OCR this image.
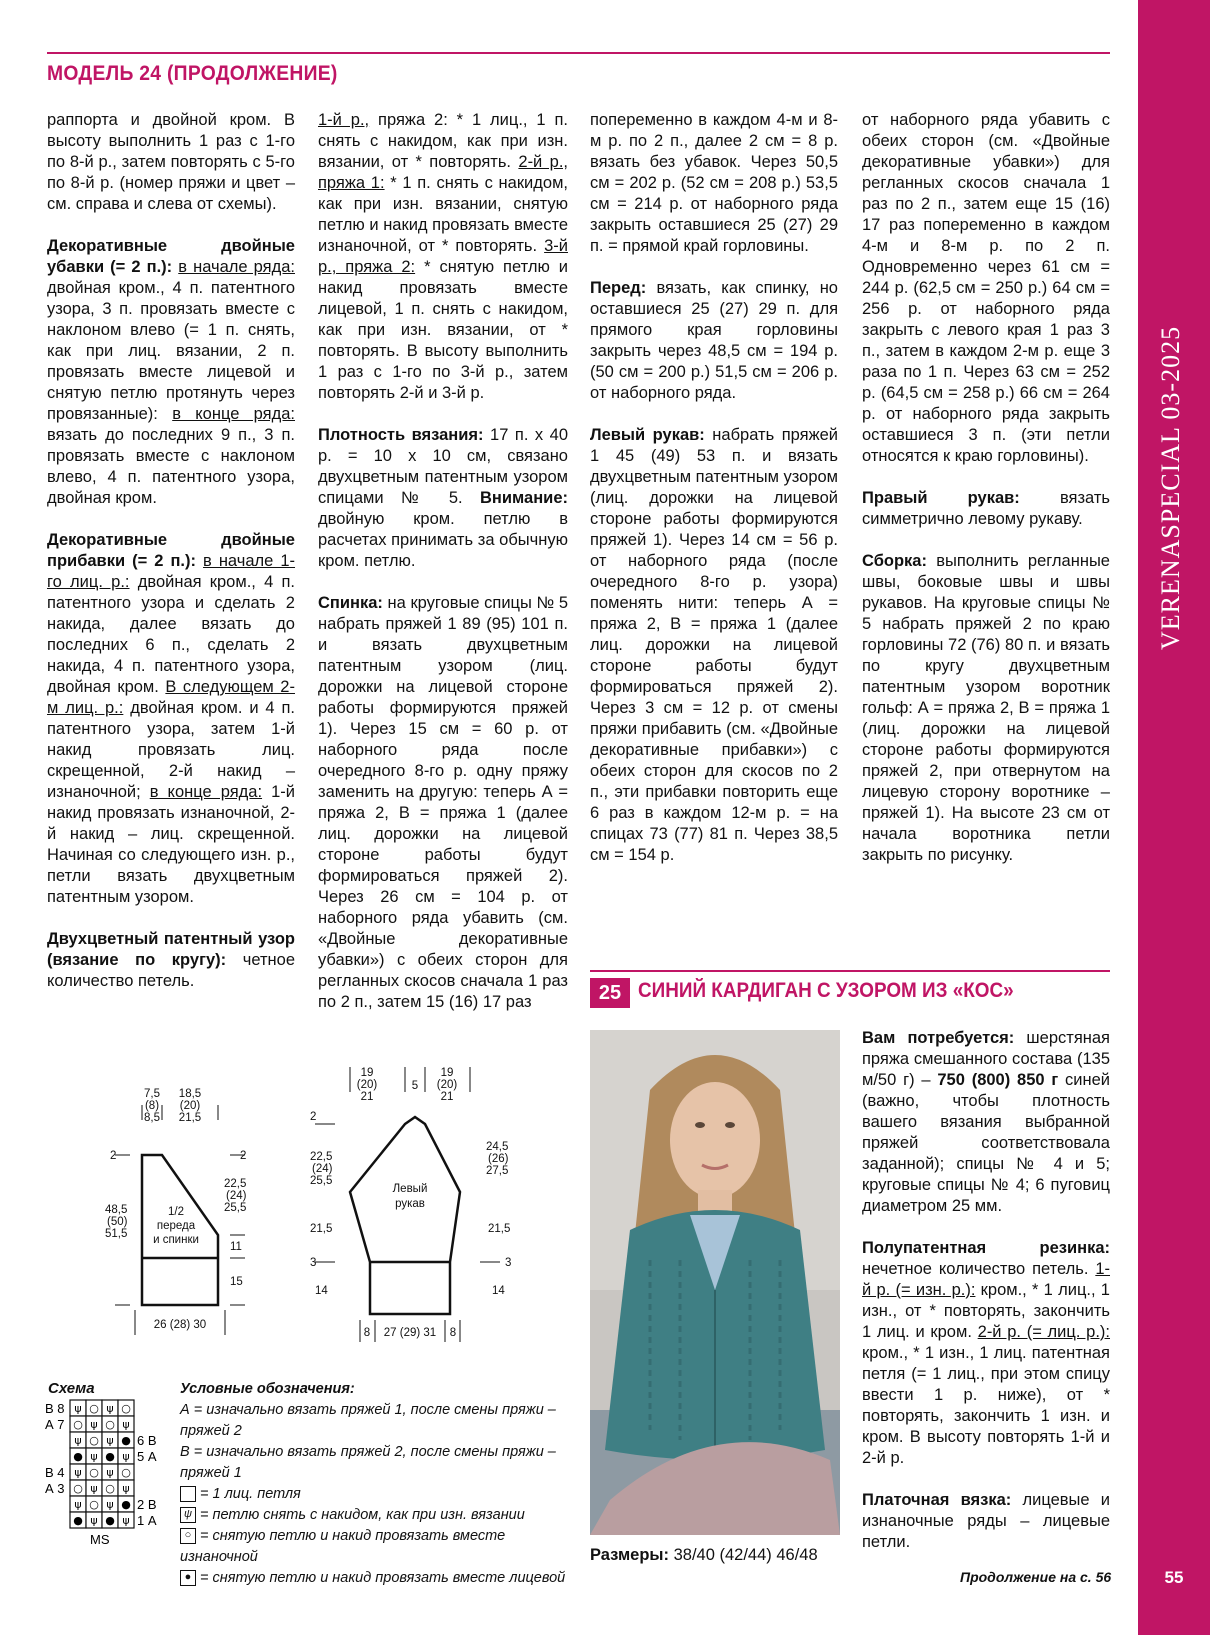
VERENASPECIAL 03-2025
55
МОДЕЛЬ 24 (ПРОДОЛЖЕНИЕ)

раппорта и двойной кром. В высоту выполнить 1 раз с 1-го по 8-й р., затем повторять с 5-го по 8-й р. (номер пряжи и цвет – см. справа и слева от схемы).

Декоративные двойные убавки (= 2 п.): в начале ряда: двойная кром., 4 п. патентного узора, 3 п. провязать вместе с наклоном влево (= 1 п. снять, как при лиц. вязании, 2 п. провязать вместе лицевой и снятую петлю протянуть через провязанные): в конце ряда: вязать до последних 9 п., 3 п. провязать вместе с наклоном влево, 4 п. патентного узора, двойная кром.

Декоративные двойные прибавки (= 2 п.): в начале 1-го лиц. р.: двойная кром., 4 п. патентного узора и сделать 2 накида, далее вязать до последних 6 п., сделать 2 накида, 4 п. патентного узора, двойная кром. В следующем 2-м лиц. р.: двойная кром. и 4 п. патентного узора, затем 1-й накид провязать лиц. скрещенной, 2-й накид – изнаночной; в конце ряда: 1-й накид провязать изнаночной, 2-й накид – лиц. скрещенной. Начиная со следующего изн. р., петли вязать двухцветным патентным узором.

Двухцветный патентный узор (вязание по кругу): четное количество петель.

1-й р., пряжа 2: * 1 лиц., 1 п. снять с накидом, как при изн. вязании, от * повторять. 2-й р., пряжа 1: * 1 п. снять с накидом, как при изн. вязании, снятую петлю и накид провязать вместе изнаночной, от * повторять. 3-й р., пряжа 2: * снятую петлю и накид провязать вместе лицевой, 1 п. снять с накидом, как при изн. вязании, от * повторять. В высоту выполнить 1 раз с 1-го по 3-й р., затем повторять 2-й и 3-й р.

Плотность вязания: 17 п. x 40 р. = 10 x 10 см, связано двухцветным патентным узором спицами № 5. Внимание: двойную кром. петлю в расчетах принимать за обычную кром. петлю.

Спинка: на круговые спицы № 5 набрать пряжей 1 89 (95) 101 п. и вязать двухцветным патентным узором (лиц. дорожки на лицевой стороне работы формируются пряжей 1). Через 15 см = 60 р. от наборного ряда после очередного 8-го р. одну пряжу заменить на другую: теперь А = пряжа 2, В = пряжа 1 (далее лиц. дорожки на лицевой стороне работы будут формироваться пряжей 2). Через 26 см = 104 р. от наборного ряда убавить (см. «Двойные декоративные убавки») с обеих сторон для регланных скосов сначала 1 раз по 2 п., затем 15 (16) 17 раз

попеременно в каждом 4-м и 8-м р. по 2 п., далее 2 см = 8 р. вязать без убавок. Через 50,5 см = 202 р. (52 см = 208 р.) 53,5 см = 214 р. от наборного ряда закрыть оставшиеся 25 (27) 29 п. = прямой край горловины.

Перед: вязать, как спинку, но оставшиеся 25 (27) 29 п. для прямого края горловины закрыть через 48,5 см = 194 р. (50 см = 200 р.) 51,5 см = 206 р. от наборного ряда.

Левый рукав: набрать пряжей 1 45 (49) 53 п. и вязать двухцветным патентным узором (лиц. дорожки на лицевой стороне работы формируются пряжей 1). Через 14 см = 56 р. от наборного ряда (после очередного 8-го р. узора) поменять нити: теперь А = пряжа 2, В = пряжа 1 (далее лиц. дорожки на лицевой стороне работы будут формироваться пряжей 2). Через 3 см = 12 р. от смены пряжи прибавить (см. «Двойные декоративные прибавки») с обеих сторон для скосов по 2 п., эти прибавки повторить еще 6 раз в каждом 12-м р. = на спицах 73 (77) 81 п. Через 38,5 см = 154 р.

от наборного ряда убавить с обеих сторон (см. «Двойные декоративные убавки») для регланных скосов сначала 1 раз по 2 п., затем еще 15 (16) 17 раз попеременно в каждом 4-м и 8-м р. по 2 п. Одновременно через 61 см = 244 р. (62,5 см = 250 р.) 64 см = 256 р. от наборного ряда закрыть с левого края 1 раз 3 п., затем в каждом 2-м р. еще 3 раза по 1 п. Через 63 см = 252 р. (64,5 см = 258 р.) 66 см = 264 р. от наборного ряда закрыть оставшиеся 3 п. (эти петли относятся к краю горловины).

Правый рукав: вязать симметрично левому рукаву.

Сборка: выполнить регланные швы, боковые швы и швы рукавов. На круговые спицы № 5 набрать пряжей 2 по краю горловины 72 (76) 80 п. и вязать по кругу двухцветным патентным узором воротник гольф: А = пряжа 2, В = пряжа 1 (лиц. дорожки на лицевой стороне работы формируются пряжей 2, при отвернутом на лицевую сторону воротнике – пряжей 1). На высоте 23 см от начала воротника петли закрыть по рисунку.

25 СИНИЙ КАРДИГАН С УЗОРОМ ИЗ «КОС»
Размеры: 38/40 (42/44) 46/48

Вам потребуется: шерстяная пряжа смешанного состава (135 м/50 г) – 750 (800) 850 г синей (важно, чтобы плотность вашего вязания выбранной пряжей соответствовала заданной); спицы № 4 и 5; круговые спицы № 4; 6 пуговиц диаметром 25 мм.

Полупатентная резинка: нечетное количество петель. 1-й р. (= изн. р.): кром., * 1 лиц., 1 изн., от * повторять, закончить 1 лиц. и кром. 2-й р. (= лиц. р.): кром., * 1 изн., 1 лиц. патентная петля (= 1 лиц., при этом спицу ввести 1 р. ниже), от * повторять, закончить 1 изн. и кром. В высоту повторять 1-й и 2-й р.

Платочная вязка: лицевые и изнаночные ряды – лицевые петли.

Продолжение на с. 56
7,5
(8)
8,5
18,5
(20)
21,5
2	2
48,5
(50)
51,5
22,5
(24)
25,5
11
15
1/2
переда
и спинки
26 (28) 30
19
(20)
21
5
19
(20)
21
2
22,5
(24)
25,5
24,5
(26)
27,5
21,5	21,5
3	3
14	14
Левый
рукав
8 27 (29) 31 8
Схема
ψ ○ ψ ○
В 8
○ ψ ○ ψ
А 7
ψ ○ ψ ● 6 В
● ψ ● ψ 5 А
ψ ○ ψ ○
В 4
○ ψ ○ ψ
А 3
ψ ○ ψ ● 2 В
● ψ ● ψ 1 А
MS
Условные обозначения:
А = изначально вязать пряжей 1, после смены пряжи – пряжей 2
В = изначально вязать пряжей 2, после смены пряжи – пряжей 1
= 1 лиц. петля
ψ = петлю снять с накидом, как при изн. вязании
○ = снятую петлю и накид провязать вместе изнаночной
● = снятую петлю и накид провязать вместе лицевой
